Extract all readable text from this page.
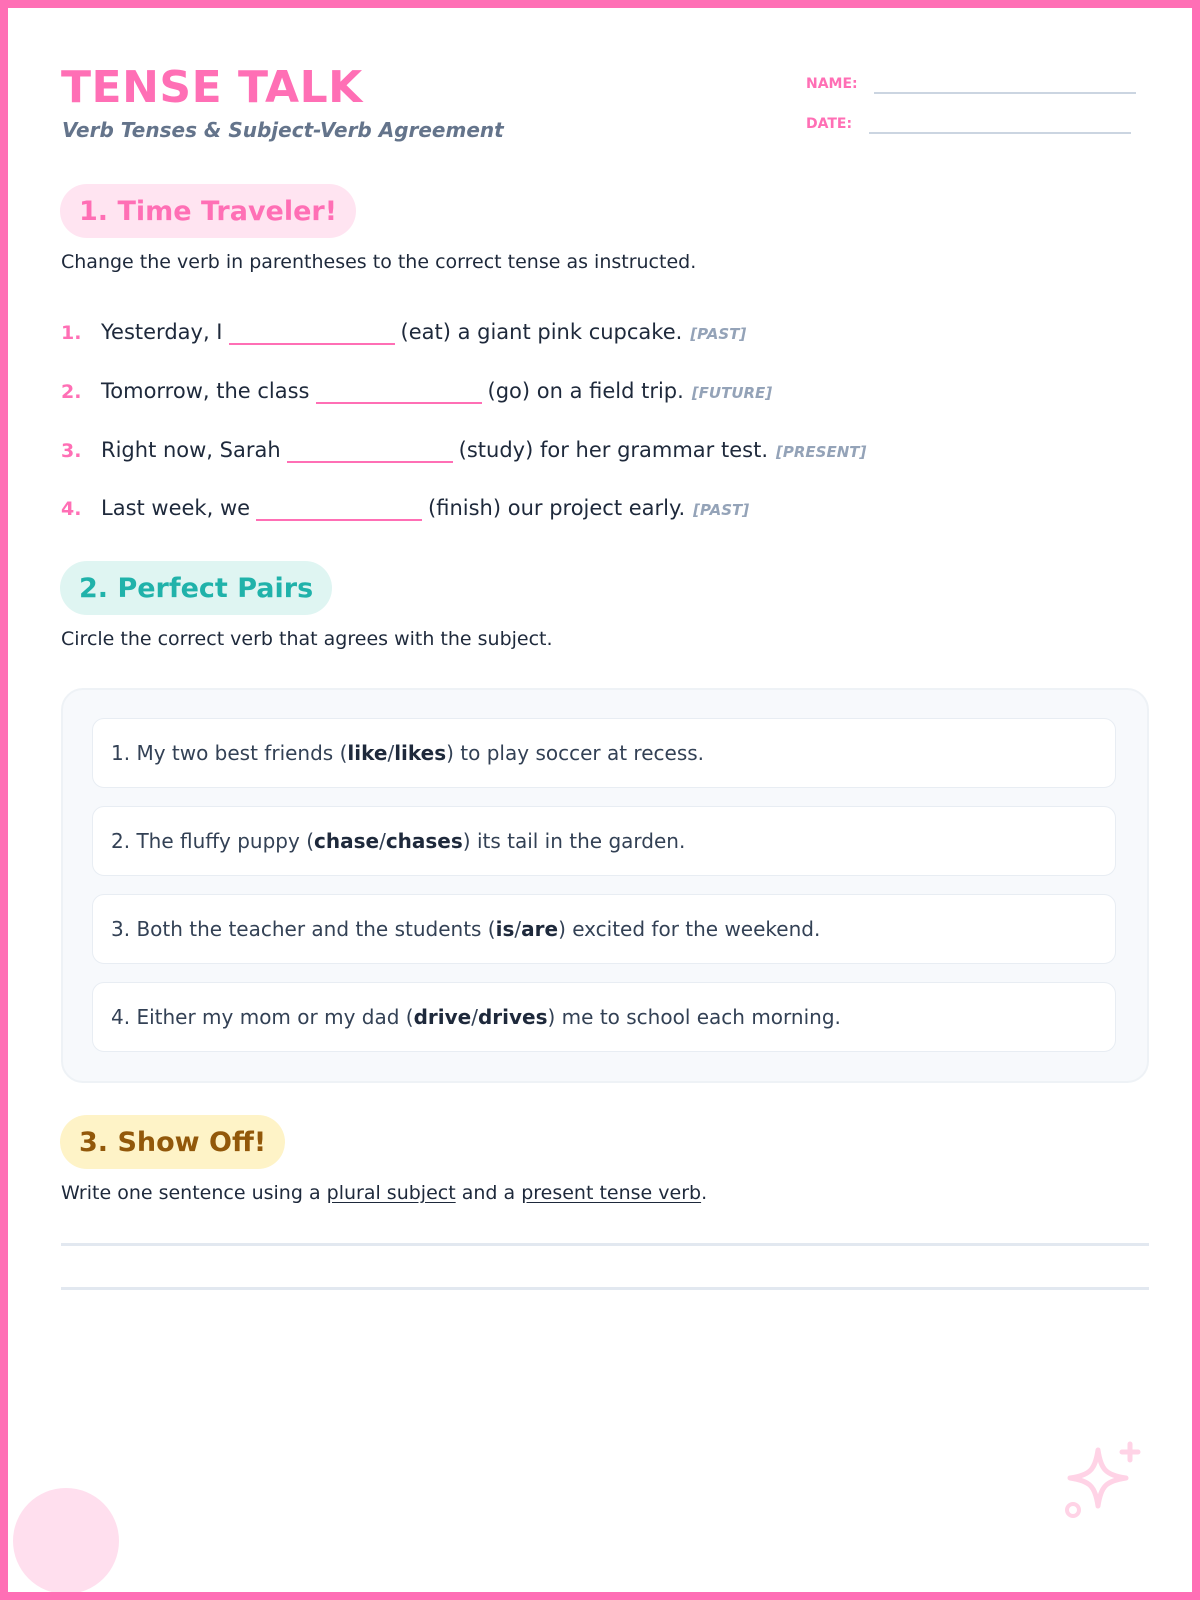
TENSE TALK
Verb Tenses & Subject-Verb Agreement
NAME:
DATE:
1. Time Traveler!
Change the verb in parentheses to the correct tense as instructed.
1. Yesterday, I	(eat) a giant pink cupcake. [PAST]
2. Tomorrow, the class	(go) on a field trip. [FUTURE]
3. Right now, Sarah	(study) for her grammar test. [PRESENT]
4. Last week, we	(finish) our project early. [PAST]
2. Perfect Pairs
Circle the correct verb that agrees with the subject.
1. My two best friends ( like / likes ) to play soccer at recess.
2. The fluffy puppy ( chase / chases ) its tail in the garden.
3. Both the teacher and the students ( is / are ) excited for the weekend.
4. Either my mom or my dad ( drive / drives ) me to school each morning.
3. Show Off!
Write one sentence using a plural subject and a present tense verb.
